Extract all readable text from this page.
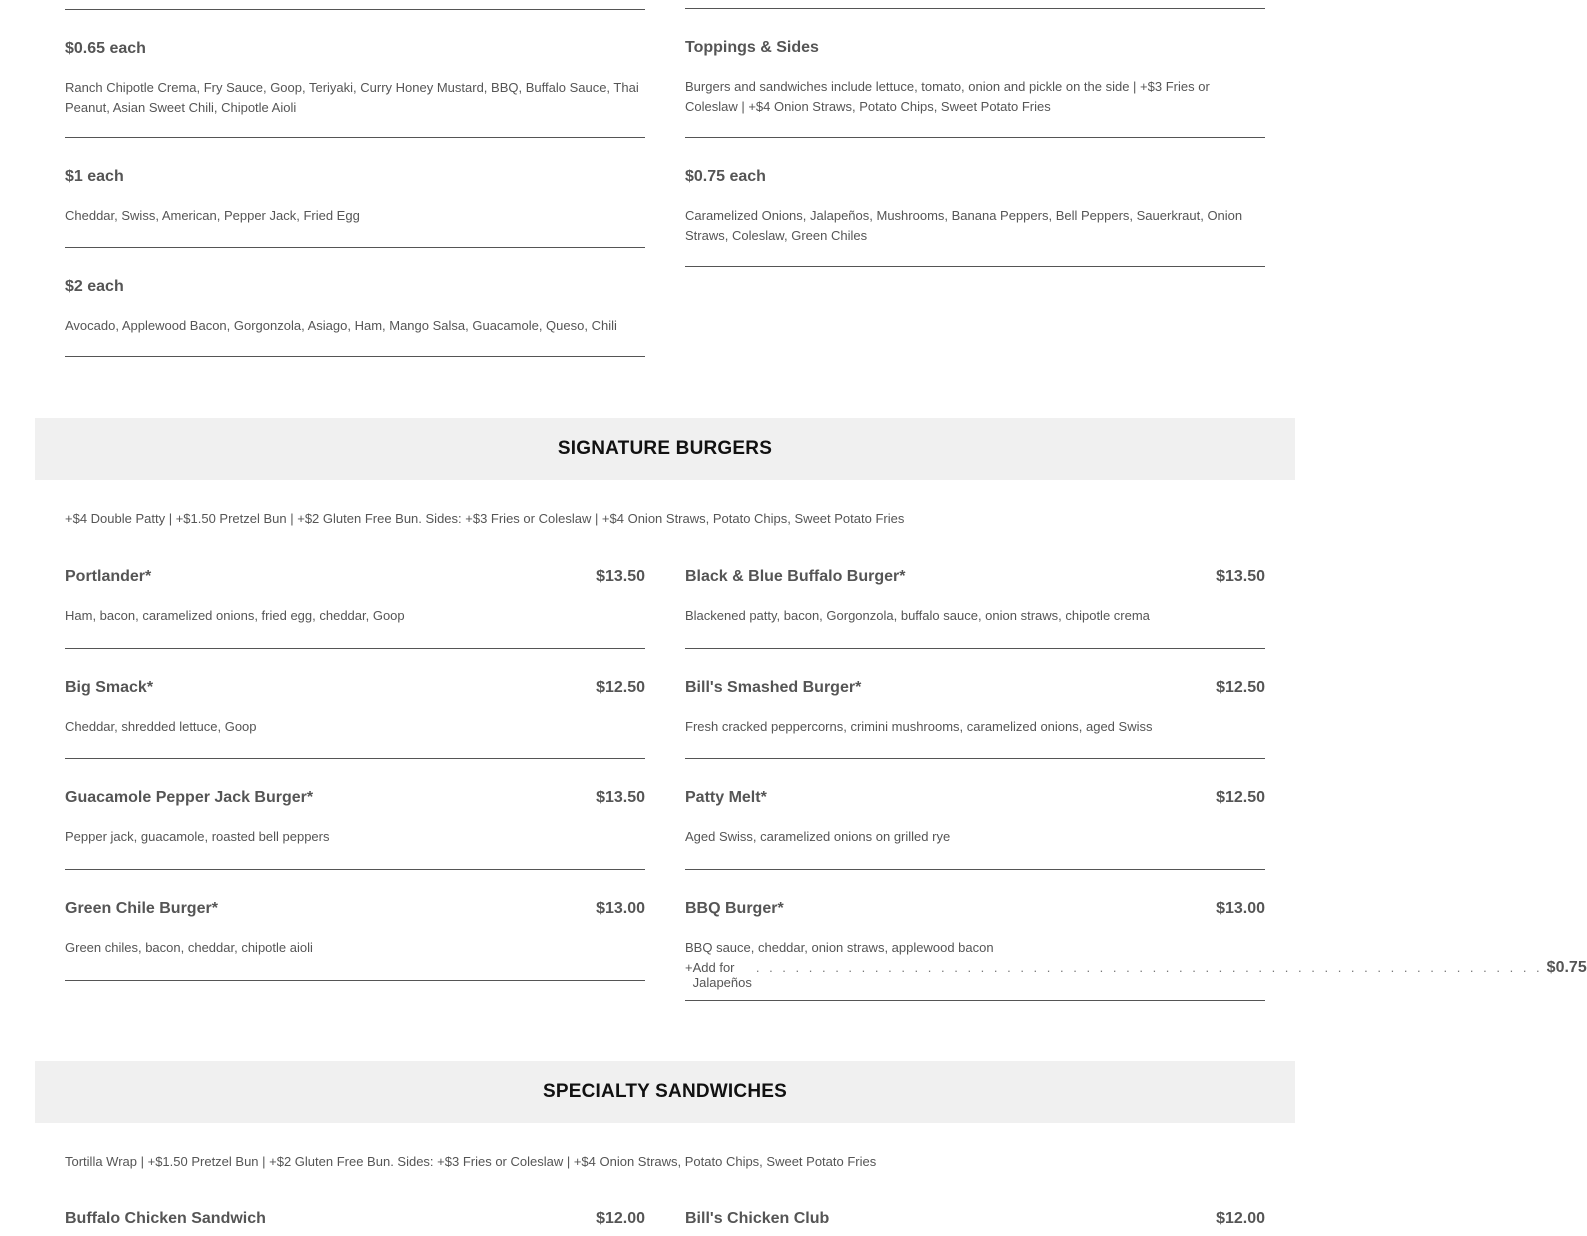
$0.65 each
Ranch Chipotle Crema, Fry Sauce, Goop, Teriyaki, Curry Honey Mustard, BBQ, Buffalo Sauce, Thai Peanut, Asian Sweet Chili, Chipotle Aioli
$1 each
Cheddar, Swiss, American, Pepper Jack, Fried Egg
$2 each
Avocado, Applewood Bacon, Gorgonzola, Asiago, Ham, Mango Salsa, Guacamole, Queso, Chili
Toppings & Sides
Burgers and sandwiches include lettuce, tomato, onion and pickle on the side | +$3 Fries or Coleslaw | +$4 Onion Straws, Potato Chips, Sweet Potato Fries
$0.75 each
Caramelized Onions, Jalapeños, Mushrooms, Banana Peppers, Bell Peppers, Sauerkraut, Onion Straws, Coleslaw, Green Chiles
SIGNATURE BURGERS
+$4 Double Patty | +$1.50 Pretzel Bun | +$2 Gluten Free Bun. Sides: +$3 Fries or Coleslaw | +$4 Onion Straws, Potato Chips, Sweet Potato Fries
Portlander*	$13.50
Ham, bacon, caramelized onions, fried egg, cheddar, Goop
Big Smack*	$12.50
Cheddar, shredded lettuce, Goop
Guacamole Pepper Jack Burger*	$13.50
Pepper jack, guacamole, roasted bell peppers
Green Chile Burger*	$13.00
Green chiles, bacon, cheddar, chipotle aioli
Black & Blue Buffalo Burger*	$13.50
Blackened patty, bacon, Gorgonzola, buffalo sauce, onion straws, chipotle crema
Bill's Smashed Burger*	$12.50
Fresh cracked peppercorns, crimini mushrooms, caramelized onions, aged Swiss
Patty Melt*	$12.50
Aged Swiss, caramelized onions on grilled rye
BBQ Burger*	$13.00
BBQ sauce, cheddar, onion straws, applewood bacon
+ Add for Jalapeños
. . . . . . . . . . . . . . . . . . . . . . . . . . . . . . . . . . . . . . . . . . . . . . . . . . . . . . . . . . . . $0.75
SPECIALTY SANDWICHES
Tortilla Wrap | +$1.50 Pretzel Bun | +$2 Gluten Free Bun. Sides: +$3 Fries or Coleslaw | +$4 Onion Straws, Potato Chips, Sweet Potato Fries
Buffalo Chicken Sandwich	$12.00	Bill's Chicken Club	$12.00
